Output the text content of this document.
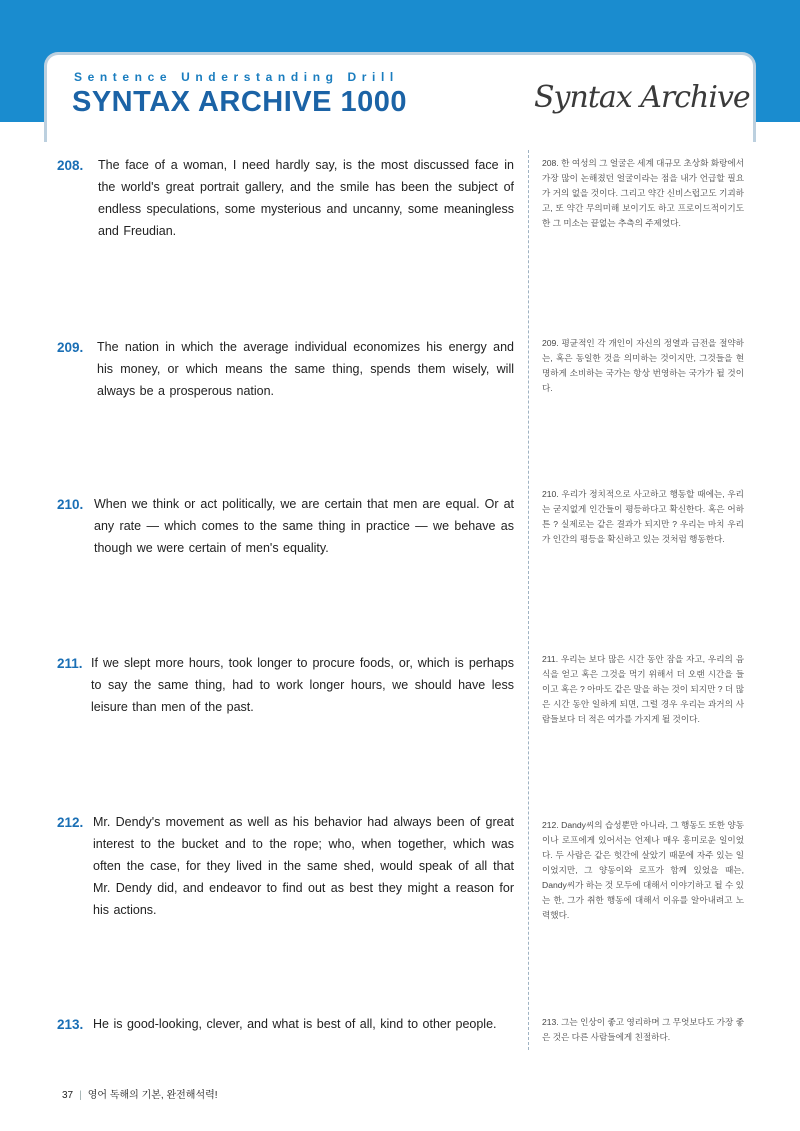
Sentence Understanding Drill
SYNTAX ARCHIVE 1000	Syntax Archive
208. The face of a woman, I need hardly say, is the most discussed face in the world's great portrait gallery, and the smile has been the subject of endless speculations, some mysterious and uncanny, some meaningless and Freudian.
208. 한 여성의 그 얼굴은 세계 대규모 초상화 화랑에서 가장 많이 논해졌던 얼굴이라는 점을 내가 언급할 필요가 거의 없을 것이다. 그리고 약간 신비스럽고도 기괴하고, 또 약간 무의미해 보이기도 하고 프로이드적이기도 한 그 미소는 끝없는 추측의 주제였다.
209. The nation in which the average individual economizes his energy and his money, or which means the same thing, spends them wisely, will always be a prosperous nation.
209. 평균적인 각 개인이 자신의 정열과 금전을 절약하는, 혹은 동일한 것을 의미하는 것이지만, 그것들을 현명하게 소비하는 국가는 항상 번영하는 국가가 될 것이다.
210. When we think or act politically, we are certain that men are equal. Or at any rate — which comes to the same thing in practice — we behave as though we were certain of men's equality.
210. 우리가 정치적으로 사고하고 행동할 때에는, 우리는 굳지없게 인간들이 평등하다고 확신한다. 혹은 어하튼 ? 실제로는 같은 결과가 되지만 ? 우리는 마치 우리가 인간의 평등을 확신하고 있는 것처럼 행동한다.
211. If we slept more hours, took longer to procure foods, or, which is perhaps to say the same thing, had to work longer hours, we should have less leisure than men of the past.
211. 우리는 보다 많은 시간 동안 잠을 자고, 우리의 음식을 얻고 혹은 그것을 먹기 위해서 더 오랜 시간을 들이고 혹은 ? 아마도 같은 말을 하는 것이 되지만 ? 더 많은 시간 동안 일하게 되면, 그럴 경우 우리는 과거의 사람들보다 더 적은 여가를 가지게 될 것이다.
212. Mr. Dendy's movement as well as his behavior had always been of great interest to the bucket and to the rope; who, when together, which was often the case, for they lived in the same shed, would speak of all that Mr. Dendy did, and endeavor to find out as best they might a reason for his actions.
212. Dandy씨의 습성뿐만 아니라, 그 행동도 또한 양동이나 로프에게 있어서는 언제나 매우 흥미로운 일이었다. 두 사람은 같은 헛간에 살았기 때문에 자주 있는 일이었지만, 그 양동이와 로프가 함께 있었을 때는, Dandy씨가 하는 것 모두에 대해서 이야기하고 될 수 있는 한, 그가 취한 행동에 대해서 이유를 알아내려고 노력했다.
213. He is good-looking, clever, and what is best of all, kind to other people.	213. 그는 인상이 좋고 영리하며 그 무엇보다도 가장 좋은 것은 다른 사람들에게 친절하다.
37 | 영어 독해의 기본, 완전해석력!
